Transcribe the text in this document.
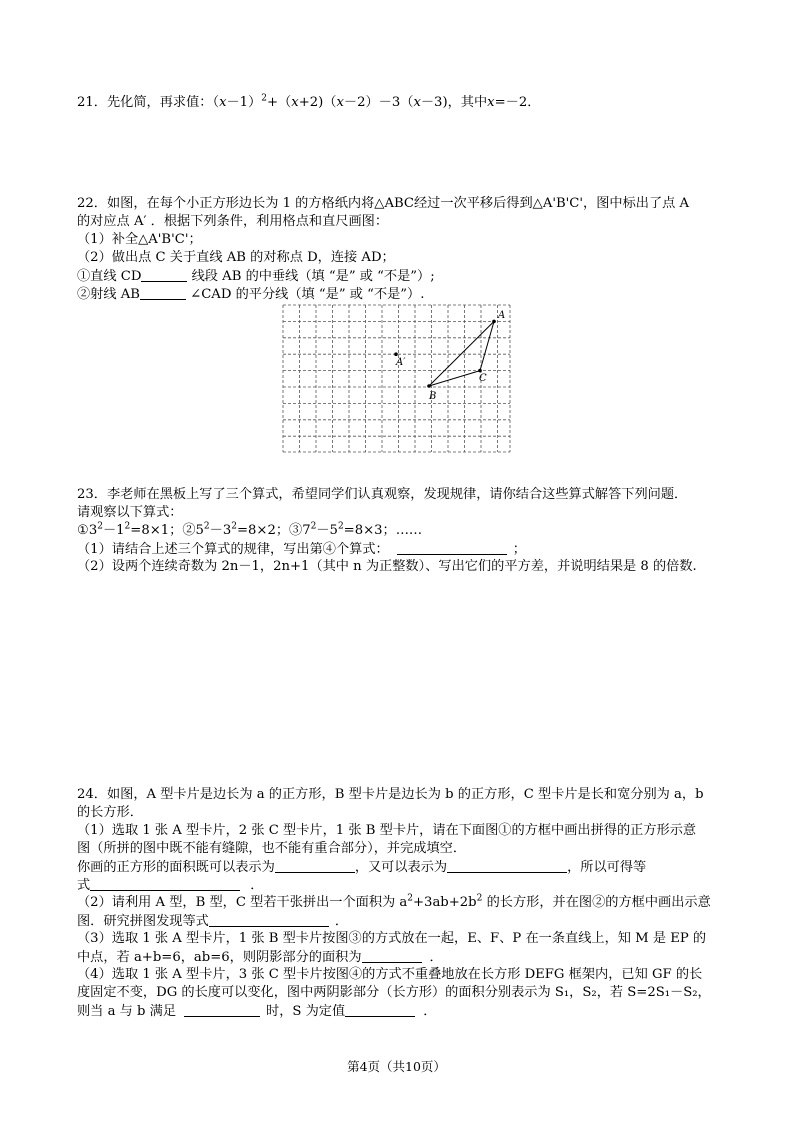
21．先化简，再求值：$(x-1)^2+(x+2)(x-2)-3(x-3)$，其中x=－2．
22．如图，在每个小正方形边长为 1 的方格纸内将△ABC经过一次平移后得到△A'B'C'，图中标出了点 A
的对应点 A′ ．根据下列条件，利用格点和直尺画图：
（1）补全△A'B'C'；
（2）做出点 C 关于直线 AB 的对称点 D，连接 AD；
①直线 CD	线段 AB 的中垂线（填 “是” 或 “不是”）;
②射线 AB	∠CAD 的平分线（填 “是” 或 “不是”）.
A
B
C
A′
23．李老师在黑板上写了三个算式，希望同学们认真观察，发现规律，请你结合这些算式解答下列问题．
请观察以下算式：
$①3^2-1^2=8\times 1$；$②5^2-3^2=8\times 2$；$③7^2-5^2=8\times 3$；……
（1）请结合上述三个算式的规律，写出第④个算式：	；
（2）设两个连续奇数为 2n－1，2n+1（其中 n 为正整数）、写出它们的平方差，并说明结果是 8 的倍数.
24．如图，A 型卡片是边长为 a 的正方形，B 型卡片是边长为 b 的正方形，C 型卡片是长和宽分别为 a，b
的长方形．
（1）选取 1 张 A 型卡片，2 张 C 型卡片，1 张 B 型卡片，请在下面图①的方框中画出拼得的正方形示意
图（所拼的图中既不能有缝隙，也不能有重合部分），并完成填空．
你画的正方形的面积既可以表示为	，又可以表示为	，所以可得等
式	．
（2）请利用 A 型，B 型，C 型若干张拼出一个面积为 $a^2+3ab+2b^2$ 的长方形，并在图②的方框中画出示意
图．研究拼图发现等式	．
（3）选取 1 张 A 型卡片，1 张 B 型卡片按图③的方式放在一起，E、F、P 在一条直线上，知 M 是 EP 的
中点，若 a+b=6，ab=6，则阴影部分的面积为	．
（4）选取 1 张 A 型卡片，3 张 C 型卡片按图④的方式不重叠地放在长方形 DEFG 框架内，已知 GF 的长
度固定不变，DG 的长度可以变化，图中两阴影部分（长方形）的面积分别表示为 S₁，S₂，若 S=2S₁－S₂，
则当 a 与 b 满足	时，S 为定值	．
第4页（共10页）
